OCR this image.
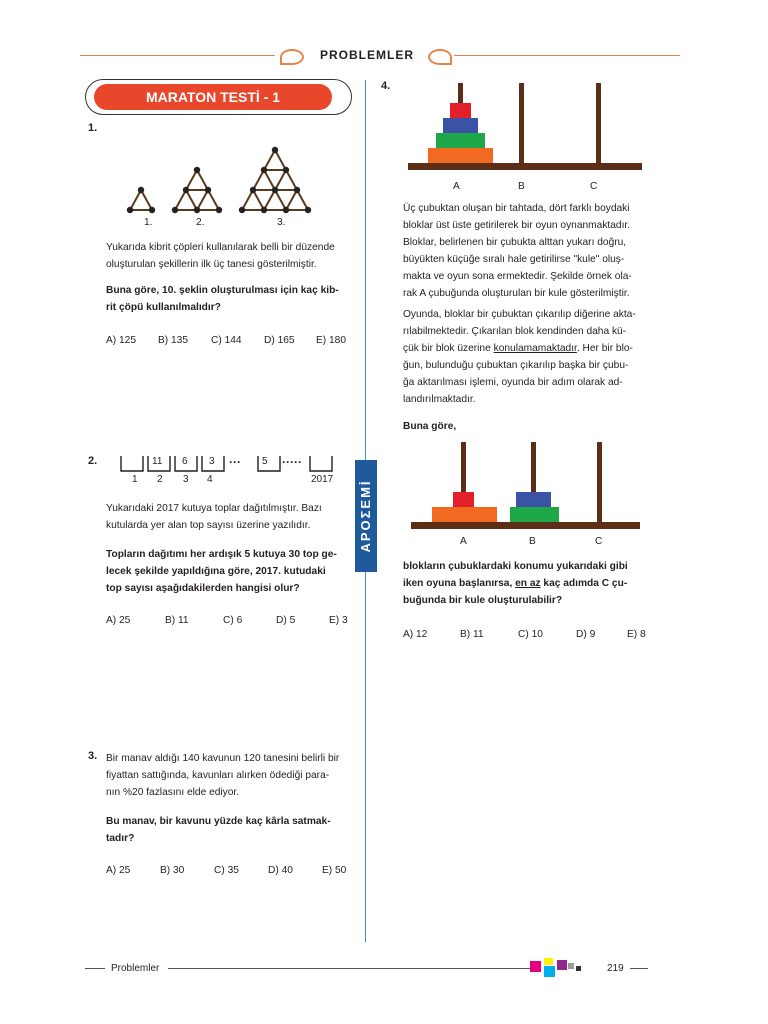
PROBLEMLER
MARATON TESTİ - 1
APOΣEMİ
1.
1.	2.	3.
Yukarıda kibrit çöpleri kullanılarak belli bir düzende
oluşturulan şekillerin ilk üç tanesi gösterilmiştir.
Buna göre, 10. şeklin oluşturulması için kaç kib-
rit çöpü kullanılmalıdır?
A) 125 B) 135 C) 144 D) 165 E) 180
2.	11 6 3 ··· 5 ·····
1 2 3 4	2017
Yukarıdaki 2017 kutuya toplar dağıtılmıştır. Bazı
kutularda yer alan top sayısı üzerine yazılıdır.
Topların dağıtımı her ardışık 5 kutuya 30 top ge-
lecek şekilde yapıldığına göre, 2017. kutudaki
top sayısı aşağıdakilerden hangisi olur?
A) 25	B) 11	C) 6	D) 5	E) 3
3. Bir manav aldığı 140 kavunun 120 tanesini belirli bir
fiyattan sattığında, kavunları alırken ödediği para-
nın %20 fazlasını elde ediyor.
Bu manav, bir kavunu yüzde kaç kârla satmak-
tadır?
A) 25	B) 30	C) 35	D) 40	E) 50
4.
A	B	C
Üç çubuktan oluşan bir tahtada, dört farklı boydaki
bloklar üst üste getirilerek bir oyun oynanmaktadır.
Bloklar, belirlenen bir çubukta alttan yukarı doğru,
büyükten küçüğe sıralı hale getirilirse "kule" oluş-
makta ve oyun sona ermektedir. Şekilde örnek ola-
rak A çubuğunda oluşturulan bir kule gösterilmiştir.
Oyunda, bloklar bir çubuktan çıkarılıp diğerine akta-
rılabilmektedir. Çıkarılan blok kendinden daha kü-
çük bir blok üzerine konulamamaktadır. Her bir blo-
ğun, bulunduğu çubuktan çıkarılıp başka bir çubu-
ğa aktarılması işlemi, oyunda bir adım olarak ad-
landırılmaktadır.
Buna göre,
A	B	C
blokların çubuklardaki konumu yukarıdaki gibi
iken oyuna başlanırsa, en az kaç adımda C çu-
buğunda bir kule oluşturulabilir?
A) 12	B) 11	C) 10	D) 9	E) 8
Problemler	219
